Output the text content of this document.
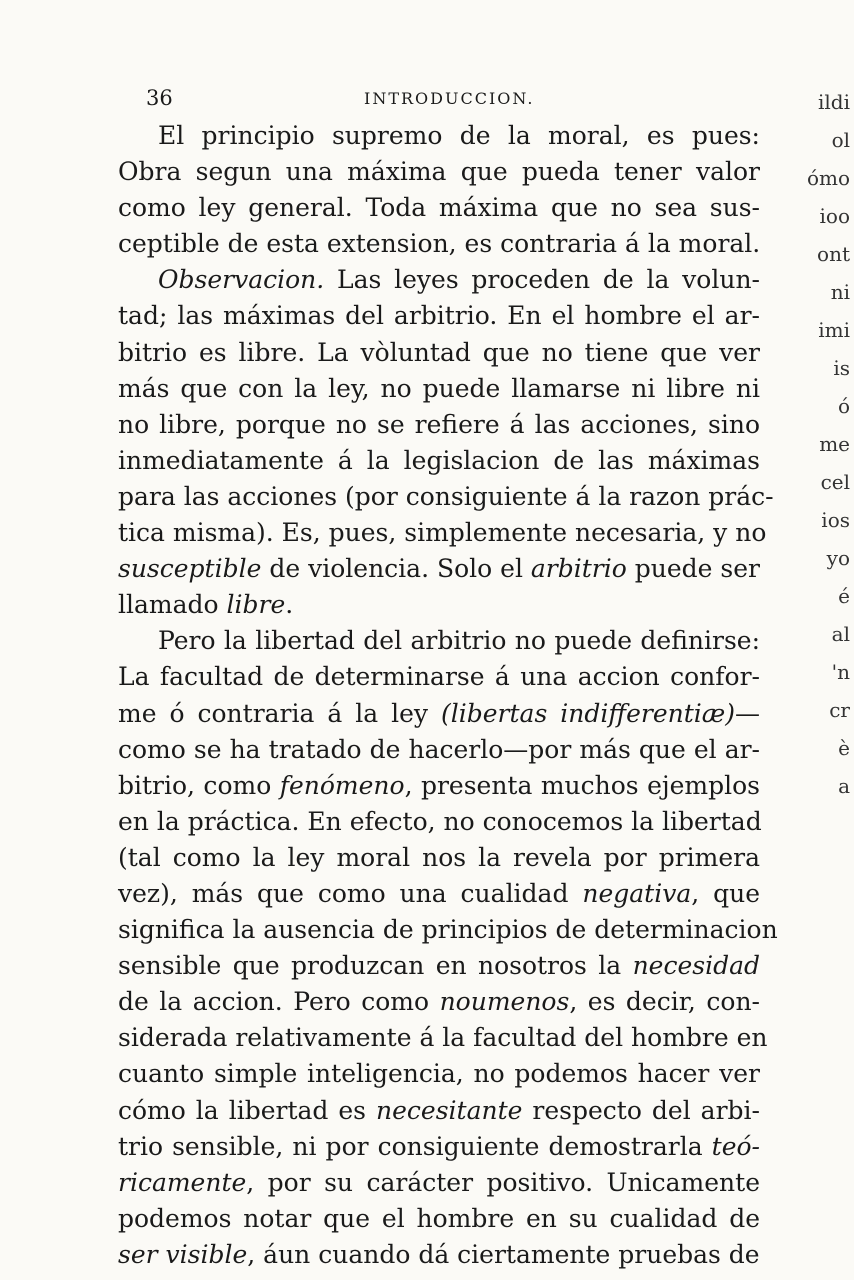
36	INTRODUCCION.
El principio supremo de la moral, es pues:
Obra segun una máxima que pueda tener valor
como ley general. Toda máxima que no sea sus-
ceptible de esta extension, es contraria á la moral.
Observacion. Las leyes proceden de la volun-
tad; las máximas del arbitrio. En el hombre el ar-
bitrio es libre. La vòluntad que no tiene que ver
más que con la ley, no puede llamarse ni libre ni
no libre, porque no se refiere á las acciones, sino
inmediatamente á la legislacion de las máximas
para las acciones (por consiguiente á la razon prác-
tica misma). Es, pues, simplemente necesaria, y no
susceptible de violencia. Solo el arbitrio puede ser
llamado libre.
Pero la libertad del arbitrio no puede definirse:
La facultad de determinarse á una accion confor-
me ó contraria á la ley (libertas indifferentiæ)—
como se ha tratado de hacerlo—por más que el ar-
bitrio, como fenómeno, presenta muchos ejemplos
en la práctica. En efecto, no conocemos la libertad
(tal como la ley moral nos la revela por primera
vez), más que como una cualidad negativa, que
significa la ausencia de principios de determinacion
sensible que produzcan en nosotros la necesidad
de la accion. Pero como noumenos, es decir, con-
siderada relativamente á la facultad del hombre en
cuanto simple inteligencia, no podemos hacer ver
cómo la libertad es necesitante respecto del arbi-
trio sensible, ni por consiguiente demostrarla teó-
ricamente, por su carácter positivo. Unicamente
podemos notar que el hombre en su cualidad de
ser visible, áun cuando dá ciertamente pruebas de
ildi
ol
ómo
ioo
ont
ni
imi
is
ó
me
cel
ios
yo
é
al
'n
cr
è
a
